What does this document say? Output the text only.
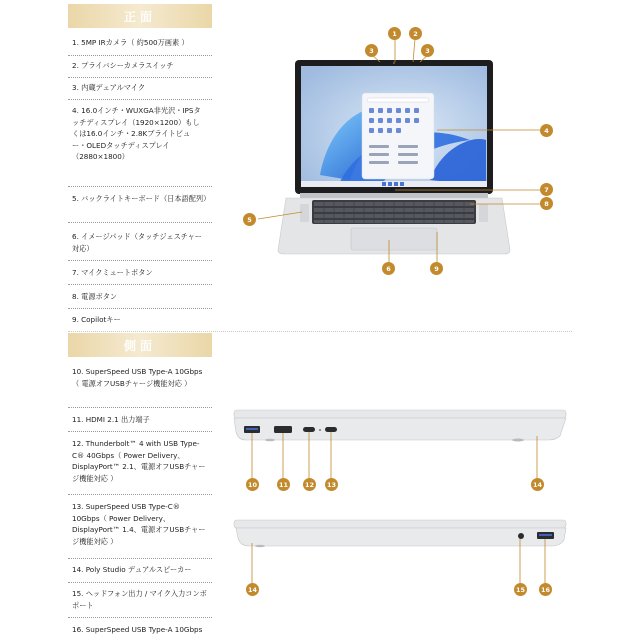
正面
1. 5MP IRカメラ（ 約500万画素 ）
2. プライバシーカメラスイッチ
3. 内蔵デュアルマイク
4. 16.0インチ・WUXGA非光沢・IPSタッチディスプレイ（1920×1200）もしくは16.0インチ・2.8Kブライトビュー・OLEDタッチディスプレイ（2880×1800）
5. バックライトキーボード（日本語配列）
6. イメージパッド（タッチジェスチャー対応）
7. マイクミュートボタン
8. 電源ボタン
9. Copilotキー
1	2
3	3
4
5
7
8
6	9
側面
10. SuperSpeed USB Type-A 10Gbps（ 電源オフUSBチャージ機能対応 ）
11. HDMI 2.1 出力端子
12. Thunderbolt™ 4 with USB Type-C® 40Gbps（ Power Delivery、DisplayPort™ 2.1、電源オフUSBチャージ機能対応 ）
13. SuperSpeed USB Type-C® 10Gbps（ Power Delivery、DisplayPort™ 1.4、電源オフUSBチャージ機能対応 ）
14. Poly Studio デュアルスピーカー
15. ヘッドフォン出力 / マイク入力コンボポート
16. SuperSpeed USB Type-A 10Gbps
10	11	12	13	14
14	15	16
